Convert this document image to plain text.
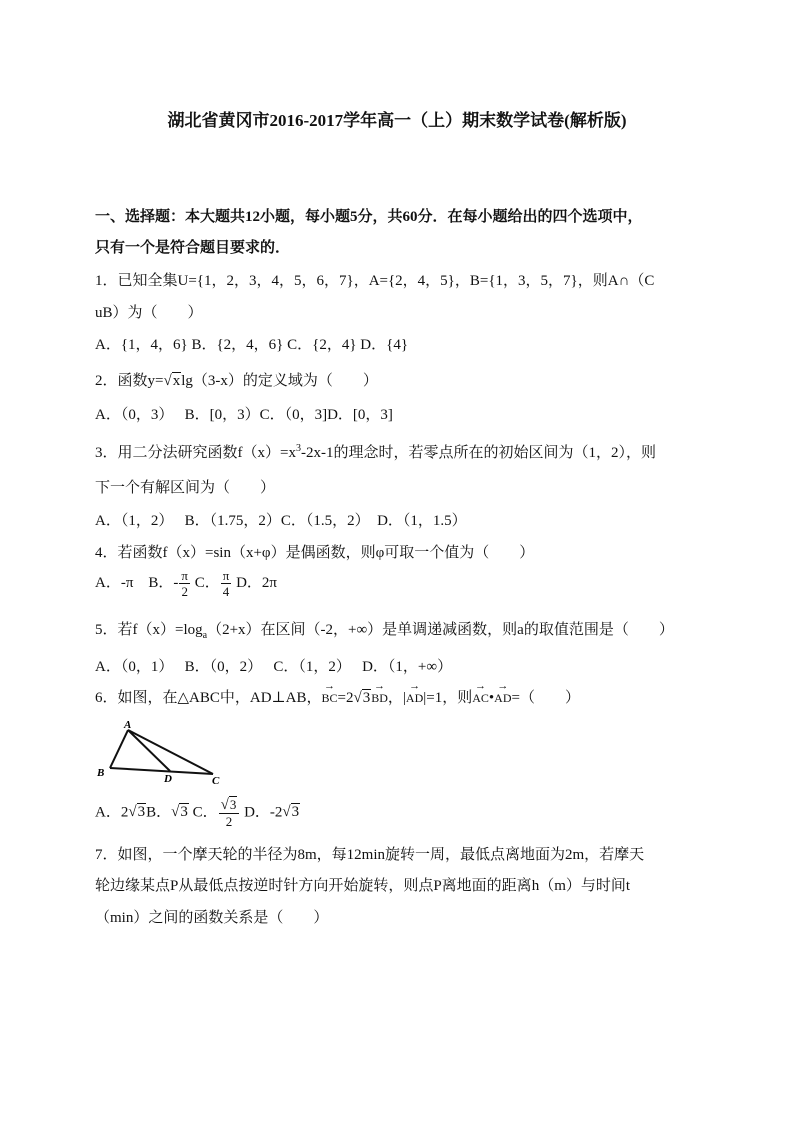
湖北省黄冈市2016-2017学年高一（上）期末数学试卷(解析版)
一、选择题：本大题共12小题，每小题5分，共60分．在每小题给出的四个选项中，
只有一个是符合题目要求的．
1．已知全集U={1，2，3，4，5，6，7}，A={2，4，5}，B={1，3，5，7}，则A∩（C
uB）为（　　）
A．{1，4，6} B．{2，4，6} C．{2，4} D．{4}
2．函数y=√xlg（3-x）的定义域为（　　）
A．（0，3）　 B．[0，3）C．（0，3]D．[0，3]
3．用二分法研究函数$f(x)=x^3-2x-1$的理念时，若零点所在的初始区间为（1，2），则
下一个有解区间为（　　）
A．（1，2）　 B．（1.75，2）C．（1.5，2）　D．（1，1.5）
4．若函数f（x）=sin（x+φ）是偶函数，则φ可取一个值为（　　）
A．-π　B．- $\frac{\pi}{2}$ C． $\frac{\pi}{4}$ D．2π
5．若$f(x)=\log_a(2+x)$在区间（-2，+∞）是单调递减函数，则a的取值范围是（　　）
A．（0，1）　 B．（0，2）　 C．（1，2）　 D．（1，+∞）
6．如图，在△ABC中，AD⊥AB，→ BC=2√3→ BD，|→ AD|=1，则→ AC•→ AD=（　　）
A
B	D	C
A．2√3B．√3 C． $\frac{√3}{2}$ D．-2√3
7．如图，一个摩天轮的半径为8m，每12min旋转一周，最低点离地面为2m，若摩天
轮边缘某点P从最低点按逆时针方向开始旋转，则点P离地面的距离h（m）与时间t
（min）之间的函数关系是（　　）
